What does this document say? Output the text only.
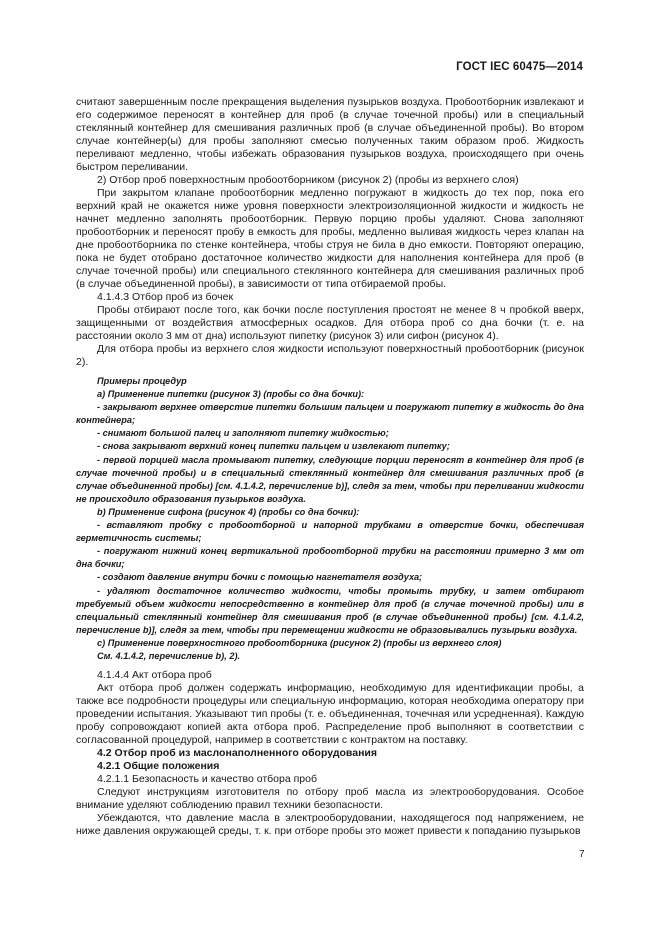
ГОСТ IEC 60475—2014

считают завершенным после прекращения выделения пузырьков воздуха. Пробоотборник извлекают и его содержимое переносят в контейнер для проб (в случае точечной пробы) или в специальный стеклянный контейнер для смешивания различных проб (в случае объединенной пробы). Во втором случае контейнер(ы) для пробы заполняют смесью полученных таким образом проб. Жидкость переливают медленно, чтобы избежать образования пузырьков воздуха, происходящего при очень быстром переливании.

2) Отбор проб поверхностным пробоотборником (рисунок 2) (пробы из верхнего слоя)

При закрытом клапане пробоотборник медленно погружают в жидкость до тех пор, пока его верхний край не окажется ниже уровня поверхности электроизоляционной жидкости и жидкость не начнет медленно заполнять пробоотборник. Первую порцию пробы удаляют. Снова заполняют пробоотборник и переносят пробу в емкость для пробы, медленно выливая жидкость через клапан на дне пробоотборника по стенке контейнера, чтобы струя не била в дно емкости. Повторяют операцию, пока не будет отобрано достаточное количество жидкости для наполнения контейнера для проб (в случае точечной пробы) или специального стеклянного контейнера для смешивания различных проб (в случае объединенной пробы), в зависимости от типа отбираемой пробы.

4.1.4.3 Отбор проб из бочек

Пробы отбирают после того, как бочки после поступления простоят не менее 8 ч пробкой вверх, защищенными от воздействия атмосферных осадков. Для отбора проб со дна бочки (т. е. на расстоянии около 3 мм от дна) используют пипетку (рисунок 3) или сифон (рисунок 4).

Для отбора пробы из верхнего слоя жидкости используют поверхностный пробоотборник (рисунок 2).

Примеры процедур

a) Применение пипетки (рисунок 3) (пробы со дна бочки):

- закрывают верхнее отверстие пипетки большим пальцем и погружают пипетку в жидкость до дна контейнера;

- снимают большой палец и заполняют пипетку жидкостью;

- снова закрывают верхний конец пипетки пальцем и извлекают пипетку;

- первой порцией масла промывают пипетку, следующие порции переносят в контейнер для проб (в случае точечной пробы) и в специальный стеклянный контейнер для смешивания различных проб (в случае объединенной пробы) [см. 4.1.4.2, перечисление b)], следя за тем, чтобы при переливании жидкости не происходило образования пузырьков воздуха.

b) Применение сифона (рисунок 4) (пробы со дна бочки):

- вставляют пробку с пробоотборной и напорной трубками в отверстие бочки, обеспечивая герметичность системы;

- погружают нижний конец вертикальной пробоотборной трубки на расстоянии примерно 3 мм от дна бочки;

- создают давление внутри бочки с помощью нагнетателя воздуха;

- удаляют достаточное количество жидкости, чтобы промыть трубку, и затем отбирают требуемый объем жидкости непосредственно в контейнер для проб (в случае точечной пробы) или в специальный стеклянный контейнер для смешивания проб (в случае объединенной пробы) [см. 4.1.4.2, перечисление b)], следя за тем, чтобы при перемещении жидкости не образовывались пузырьки воздуха.

c) Применение поверхностного пробоотборника (рисунок 2) (пробы из верхнего слоя)

См. 4.1.4.2, перечисление b), 2).

4.1.4.4 Акт отбора проб

Акт отбора проб должен содержать информацию, необходимую для идентификации пробы, а также все подробности процедуры или специальную информацию, которая необходима оператору при проведении испытания. Указывают тип пробы (т. е. объединенная, точечная или усредненная). Каждую пробу сопровождают копией акта отбора проб. Распределение проб выполняют в соответствии с согласованной процедурой, например в соответствии с контрактом на поставку.

4.2 Отбор проб из маслонаполненного оборудования

4.2.1 Общие положения

4.2.1.1 Безопасность и качество отбора проб

Следуют инструкциям изготовителя по отбору проб масла из электрооборудования. Особое внимание уделяют соблюдению правил техники безопасности.

Убеждаются, что давление масла в электрооборудовании, находящегося под напряжением, не ниже давления окружающей среды, т. к. при отборе пробы это может привести к попаданию пузырьков

7
